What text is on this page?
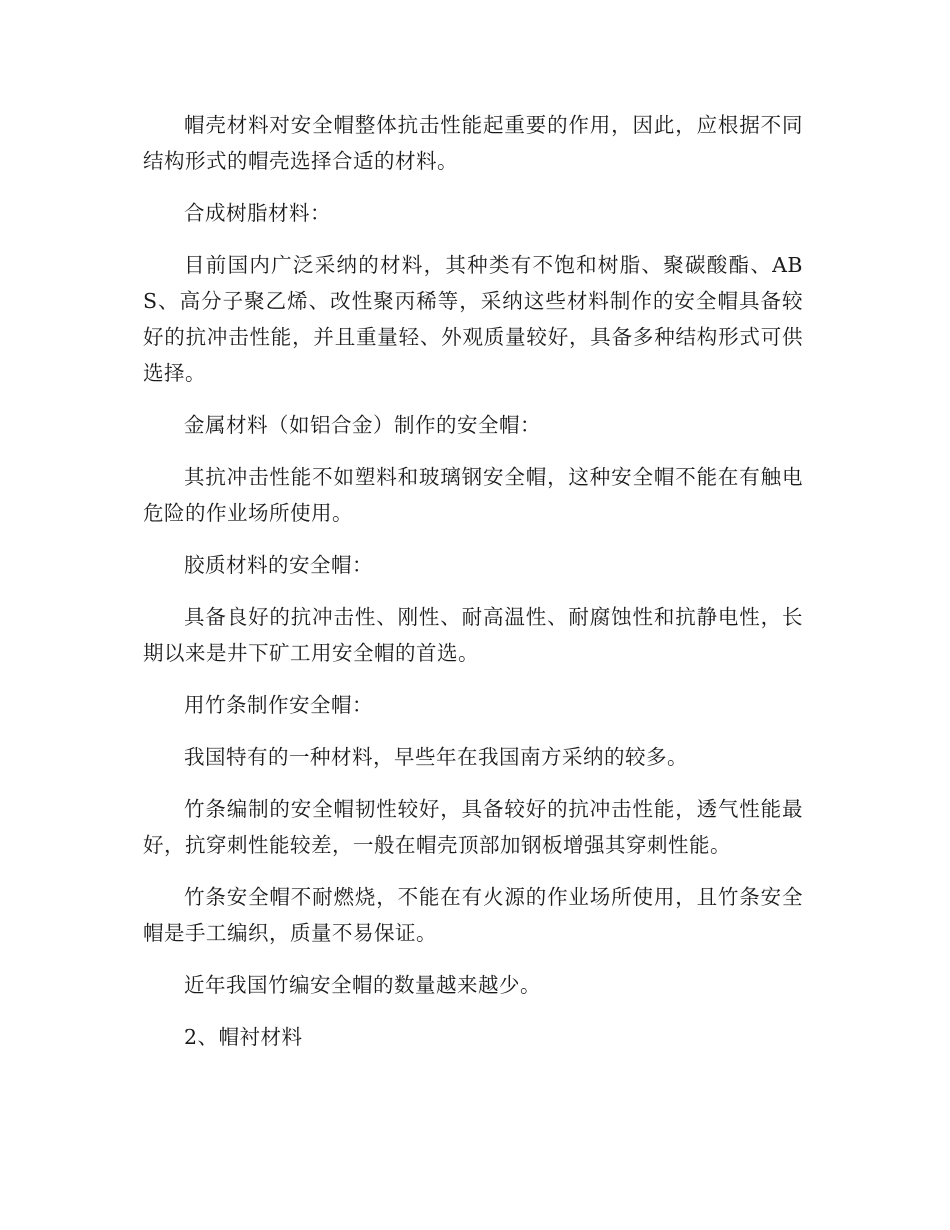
帽壳材料对安全帽整体抗击性能起重要的作用，因此，应根据不同结构形式的帽壳选择合适的材料。

合成树脂材料：

目前国内广泛采纳的材料，其种类有不饱和树脂、聚碳酸酯、ABS、高分子聚乙烯、改性聚丙稀等，采纳这些材料制作的安全帽具备较好的抗冲击性能，并且重量轻、外观质量较好，具备多种结构形式可供选择。

金属材料（如铝合金）制作的安全帽：

其抗冲击性能不如塑料和玻璃钢安全帽，这种安全帽不能在有触电危险的作业场所使用。

胶质材料的安全帽：

具备良好的抗冲击性、刚性、耐高温性、耐腐蚀性和抗静电性，长期以来是井下矿工用安全帽的首选。

用竹条制作安全帽：

我国特有的一种材料，早些年在我国南方采纳的较多。

竹条编制的安全帽韧性较好，具备较好的抗冲击性能，透气性能最好，抗穿刺性能较差，一般在帽壳顶部加钢板增强其穿刺性能。

竹条安全帽不耐燃烧，不能在有火源的作业场所使用，且竹条安全帽是手工编织，质量不易保证。

近年我国竹编安全帽的数量越来越少。

2、帽衬材料
